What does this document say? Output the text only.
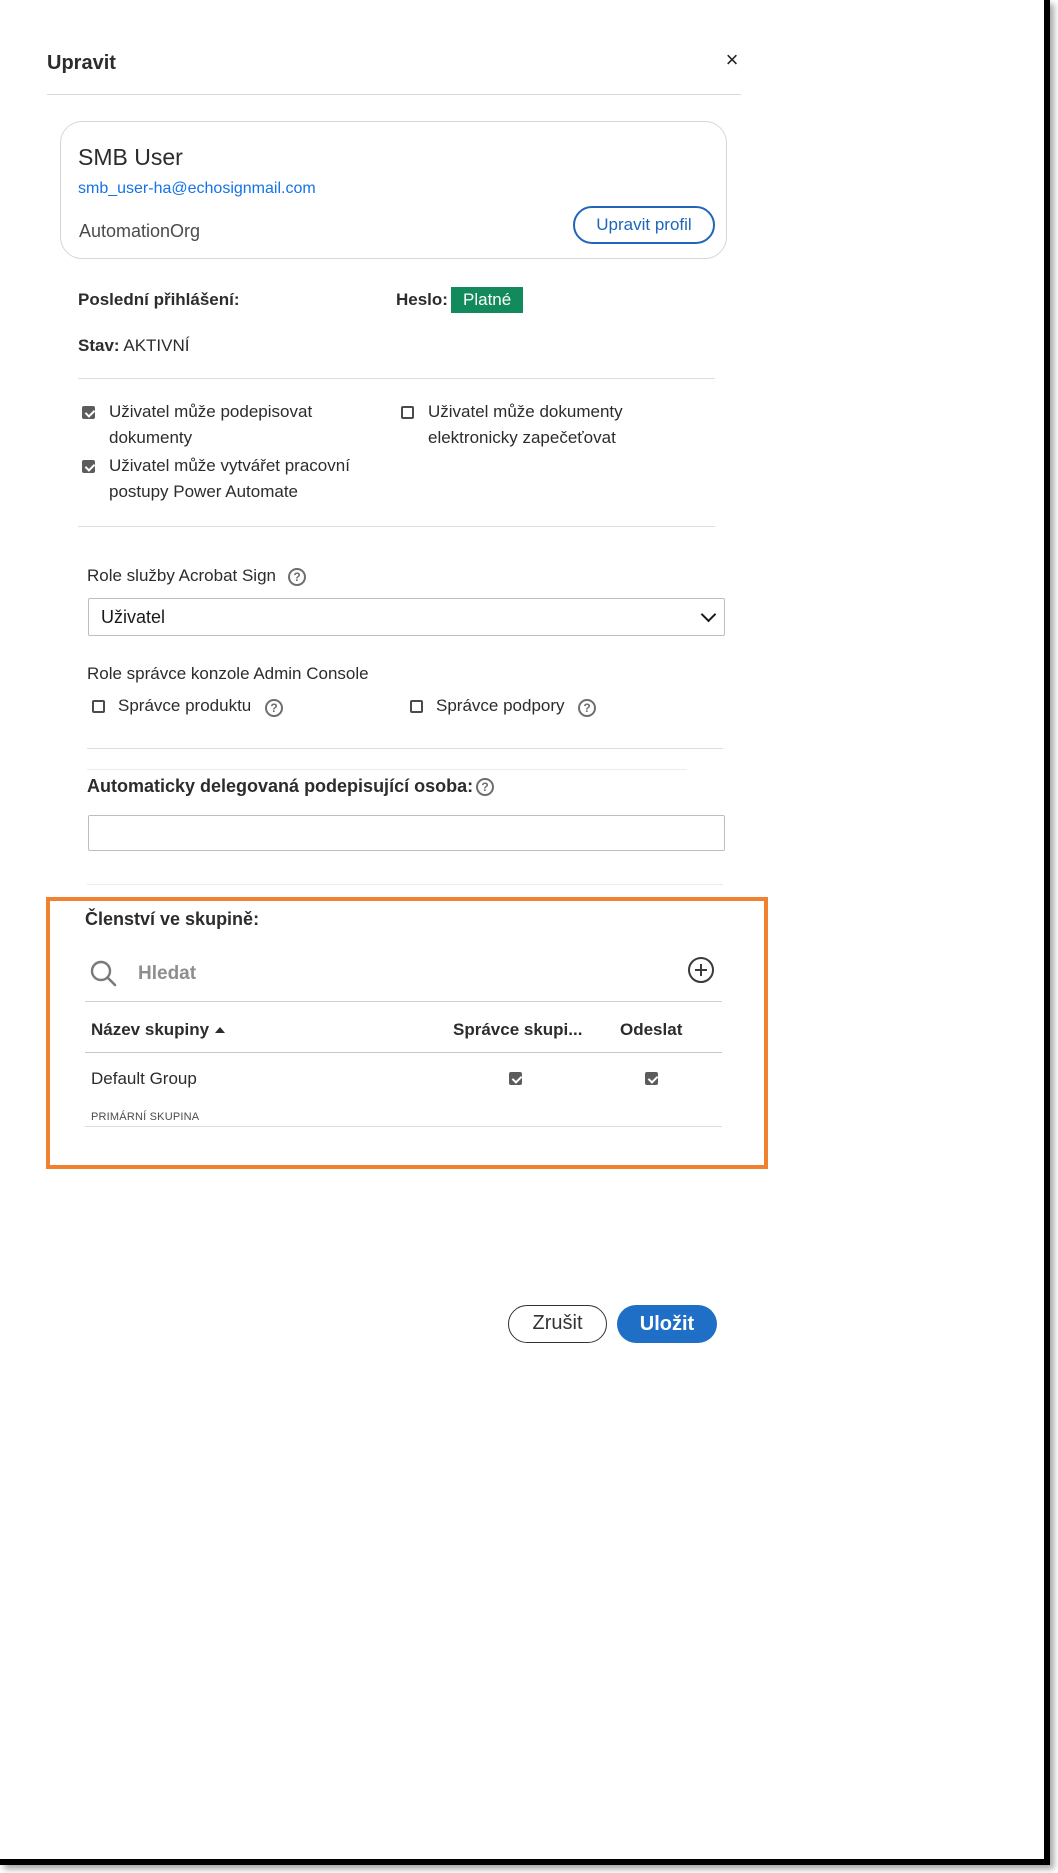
Upravit	×
SMB User
smb_user-ha@echosignmail.com
AutomationOrg	Upravit profil
Poslední přihlášení:	Heslo: Platné
Stav: AKTIVNÍ
Uživatel může podepisovat
dokumenty
Uživatel může vytvářet pracovní
postupy Power Automate
Uživatel může dokumenty
elektronicky zapečeťovat
Role služby Acrobat Sign	?
Uživatel
Role správce konzole Admin Console
Správce produktu	?	Správce podpory	?
Automaticky delegovaná podepisující osoba: ?
Členství ve skupině:
Hledat
Název skupiny	Správce skupi... Odeslat
Default Group
PRIMÁRNÍ SKUPINA
Zrušit	Uložit
